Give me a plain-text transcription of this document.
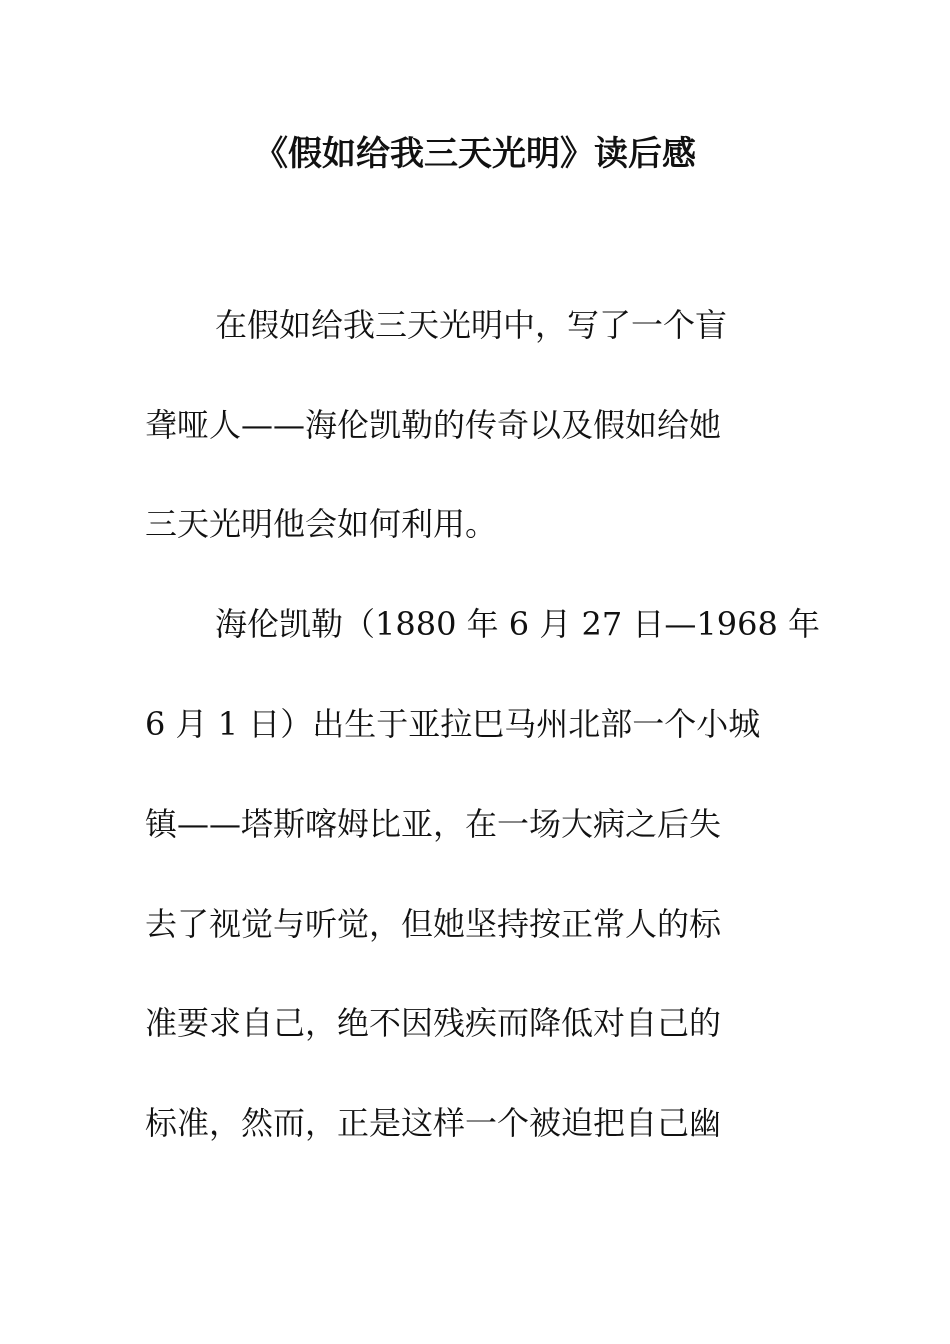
《假如给我三天光明》读后感

在假如给我三天光明中，写了一个盲

聋哑人——海伦凯勒的传奇以及假如给她

三天光明他会如何利用。

海伦凯勒（1880 年 6 月 27 日—1968 年

6 月 1 日）出生于亚拉巴马州北部一个小城

镇——塔斯喀姆比亚，在一场大病之后失

去了视觉与听觉，但她坚持按正常人的标

准要求自己，绝不因残疾而降低对自己的

标准，然而，正是这样一个被迫把自己幽
